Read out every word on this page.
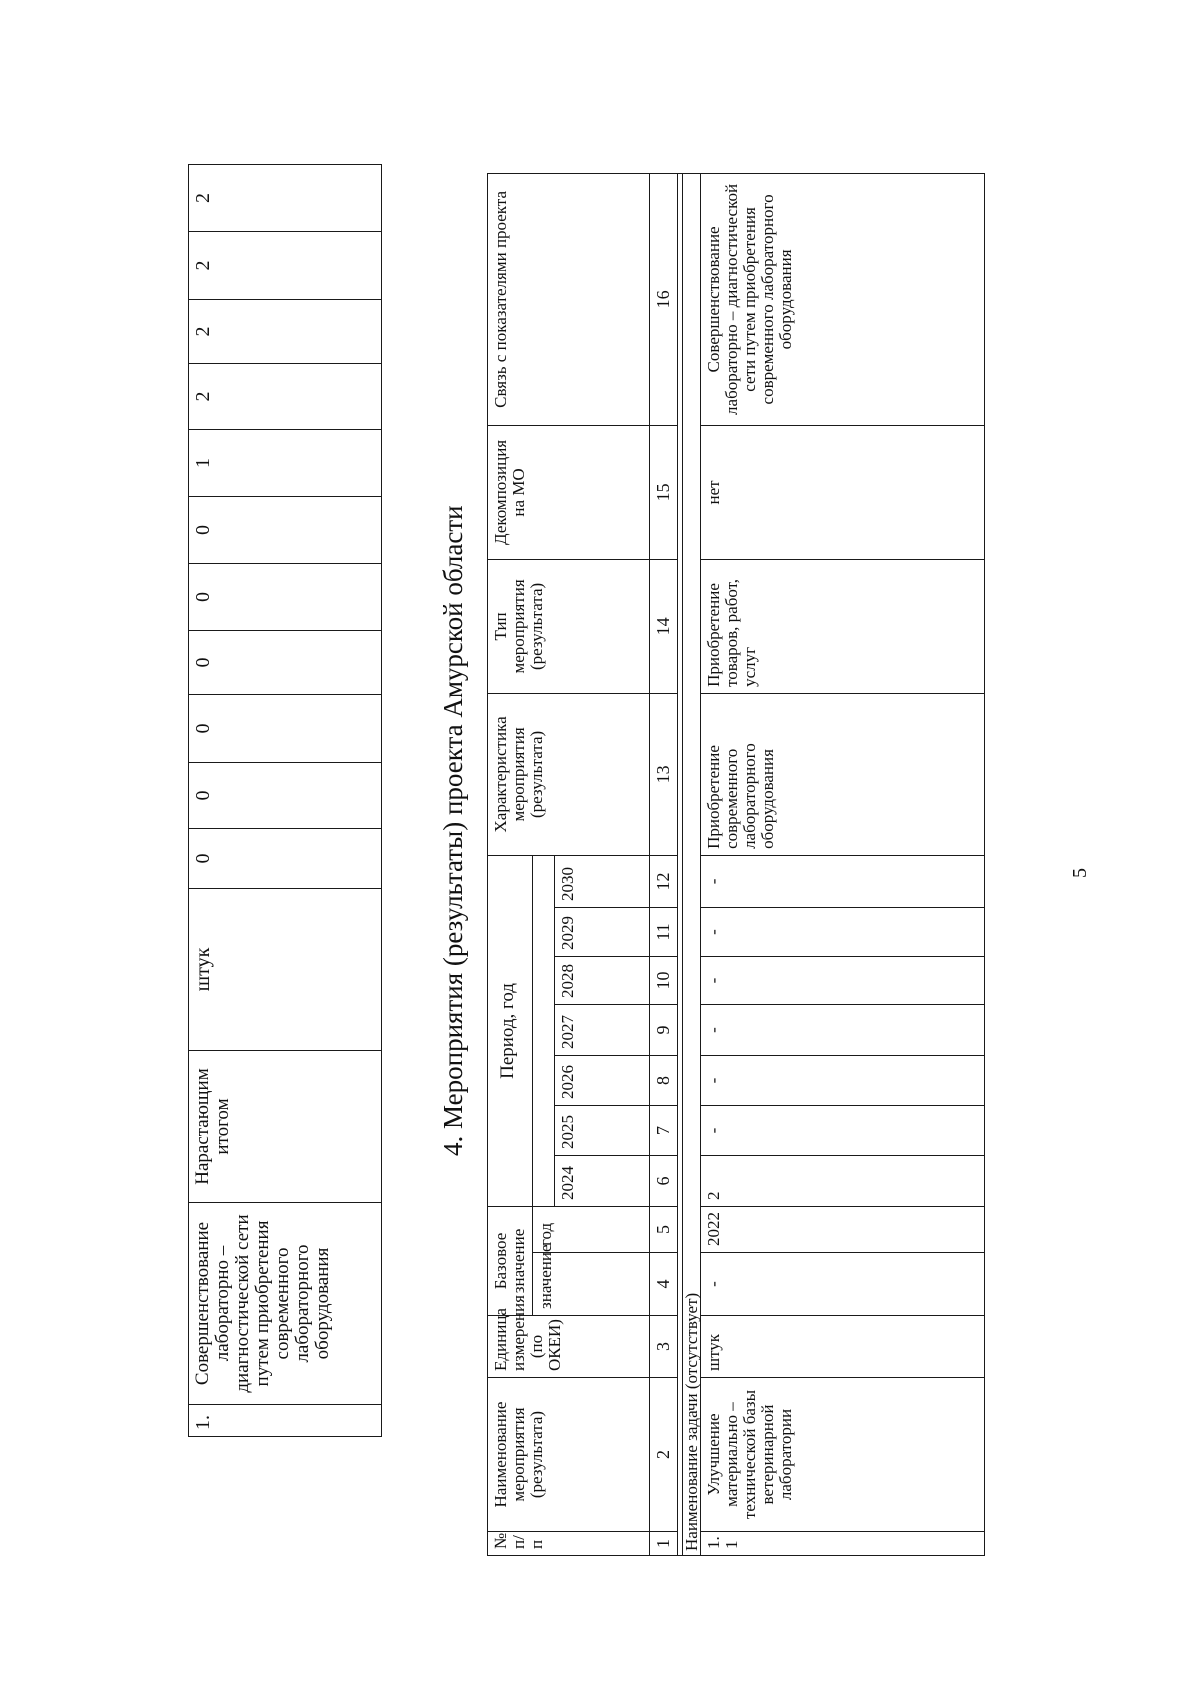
1.	Совершенствование лабораторно – диагностической сети путем приобретения современного лабораторного оборудования	Нарастающим итогом	штук	0	0	0	0	0	0	1	2	2	2	2
4. Мероприятия (результаты) проекта Амурской области
№ п/п	Наименование мероприятия (результата)	Единица измерения (по ОКЕИ)	Базовое значение		Период, год							Характеристика мероприятия (результата)	Тип мероприятия (результата)	Декомпозиция на МО	Связь с показателями проекта
			значение	год											
					2024	2025	2026	2027	2028	2029	2030				
1	2	3	4	5	6	7	8	9	10	11	12	13	14	15	16

Наименование задачи (отсутствует)															
1. 1	Улучшение материально – технической базы ветеринарной лаборатории	штук	-	2022	2	-	-	-	-	-	-	Приобретение современного лабораторного оборудования	Приобретение товаров, работ, услуг	нет	Совершенствование лабораторно – диагностической сети путем приобретения современного лабораторного оборудования
5
